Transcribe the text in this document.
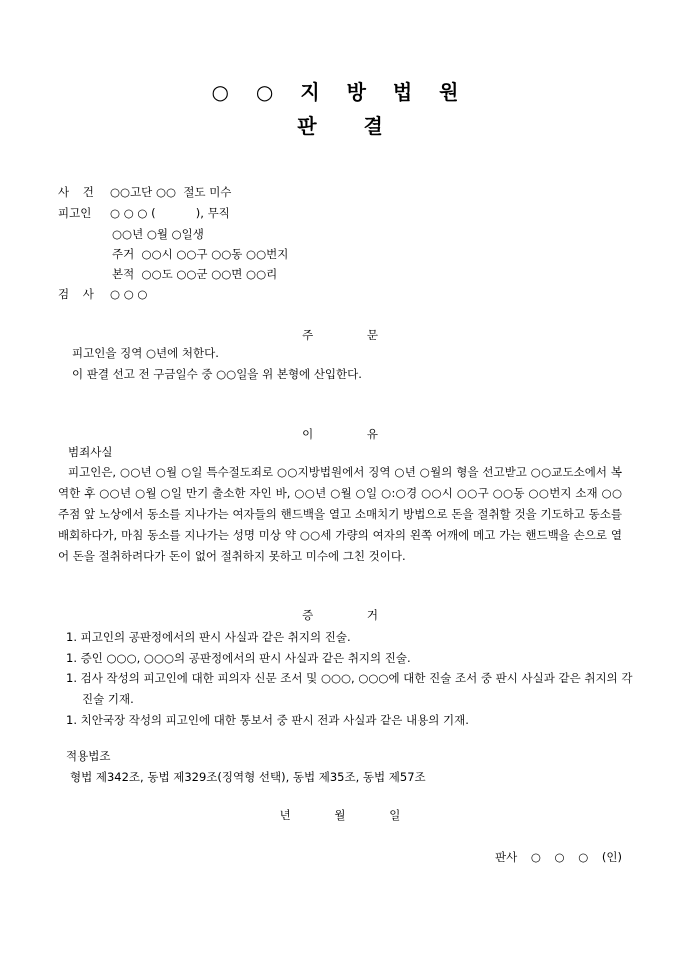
○ ○ 지 방 법 원
판 결
사 건 ○○고단 ○○  절도 미수
피고인 ○ ○ ○ (           ), 무직
○○년 ○월 ○일생
주거  ○○시 ○○구 ○○동 ○○번지
본적  ○○도 ○○군 ○○면 ○○리
검 사 ○ ○ ○
주 문
피고인을 징역 ○년에 처한다.
이 판결 선고 전 구금일수 중 ○○일을 위 본형에 산입한다.
이 유
범죄사실
피고인은, ○○년 ○월 ○일 특수절도죄로 ○○지방법원에서 징역 ○년 ○월의 형을 선고받고 ○○교도소에서 복역한 후 ○○년 ○월 ○일 만기 출소한 자인 바, ○○년 ○월 ○일 ○:○경 ○○시 ○○구 ○○동 ○○번지 소재 ○○ 주점 앞 노상에서 동소를 지나가는 여자들의 핸드백을 열고 소매치기 방법으로 돈을 절취할 것을 기도하고 동소를 배회하다가, 마침 동소를 지나가는 성명 미상 약 ○○세 가량의 여자의 왼쪽 어깨에 메고 가는 핸드백을 손으로 열어 돈을 절취하려다가 돈이 없어 절취하지 못하고 미수에 그친 것이다.
증 거
1. 피고인의 공판정에서의 판시 사실과 같은 취지의 진술.
1. 증인 ○○○, ○○○의 공판정에서의 판시 사실과 같은 취지의 진술.
1. 검사 작성의 피고인에 대한 피의자 신문 조서 및 ○○○, ○○○에 대한 진술 조서 중 판시 사실과 같은 취지의 각 진술 기재.
1. 치안국장 작성의 피고인에 대한 통보서 중 판시 전과 사실과 같은 내용의 기재.
적용법조
형법 제342조, 동법 제329조(징역형 선택), 동법 제35조, 동법 제57조
년 월 일
판사 ○ ○ ○ (인)
